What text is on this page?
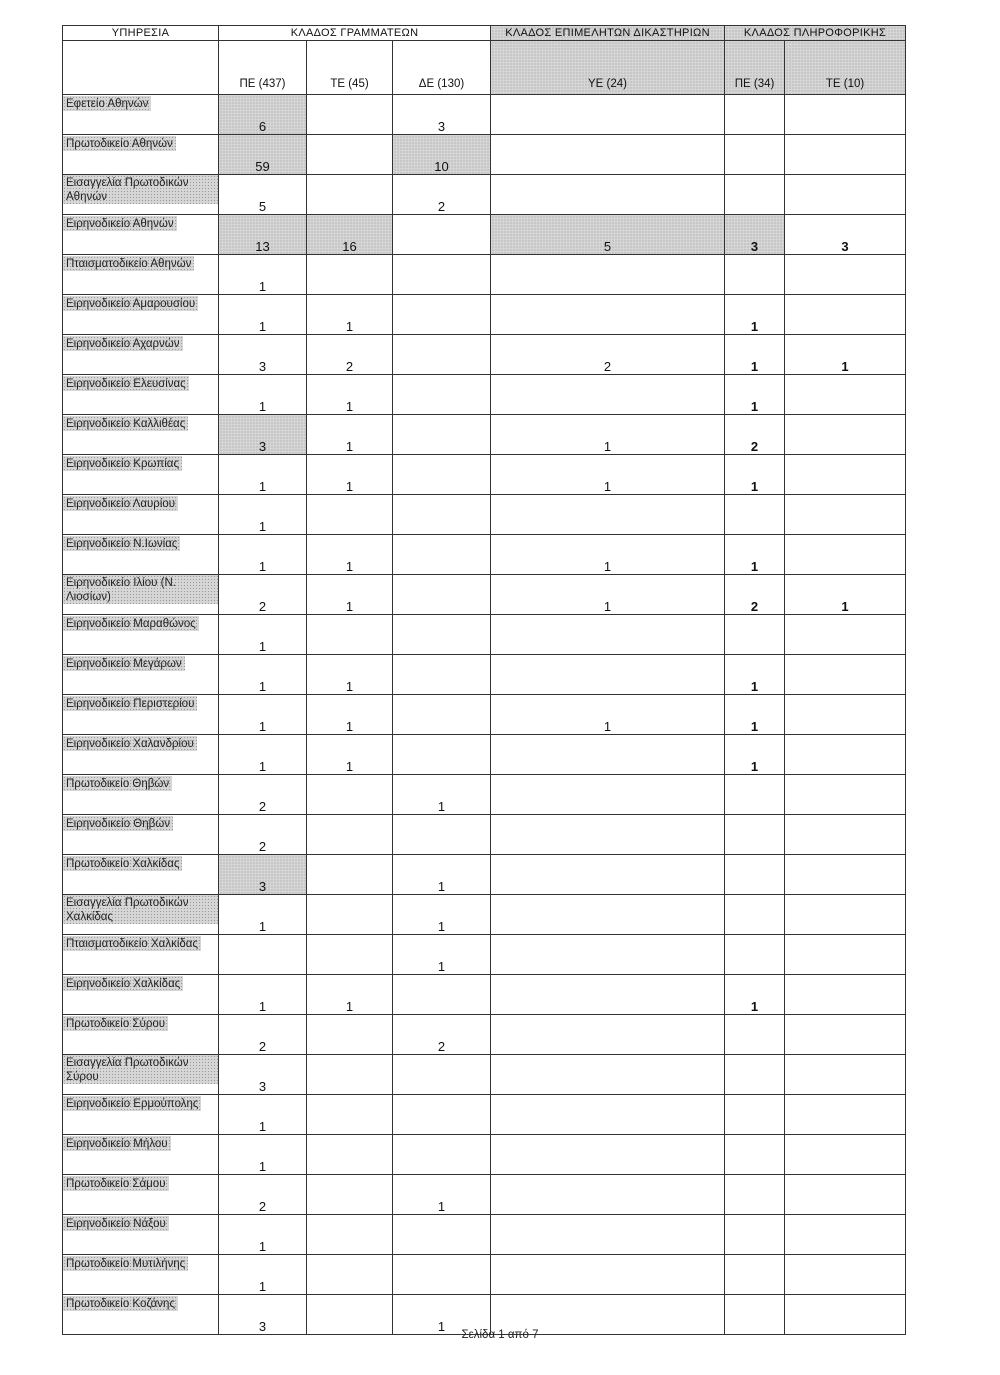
ΥΠΗΡΕΣΙΑ	ΚΛΑΔΟΣ ΓΡΑΜΜΑΤΕΩΝ			ΚΛΑΔΟΣ ΕΠΙΜΕΛΗΤΩΝ ΔΙΚΑΣΤΗΡΙΩΝ	ΚΛΑΔΟΣ ΠΛΗΡΟΦΟΡΙΚΗΣ	
	ΠΕ (437)	ΤΕ (45)	ΔΕ (130)	ΥΕ (24)	ΠΕ (34)	ΤΕ (10)
Εφετείο Αθηνών	6		3			
Πρωτοδικείο Αθηνών	59		10			
Εισαγγελία Πρωτοδικών Αθηνών	5		2			
Ειρηνοδικείο Αθηνών	13	16		5	3	3
Πταισματοδικείο Αθηνών	1					
Ειρηνοδικείο Αμαρουσίου	1	1			1	
Ειρηνοδικείο Αχαρνών	3	2		2	1	1
Ειρηνοδικείο Ελευσίνας	1	1			1	
Ειρηνοδικείο Καλλιθέας	3	1		1	2	
Ειρηνοδικείο Κρωπίας	1	1		1	1	
Ειρηνοδικείο Λαυρίου	1					
Ειρηνοδικείο Ν.Ιωνίας	1	1		1	1	
Ειρηνοδικείο Ιλίου (Ν. Λιοσίων)	2	1		1	2	1
Ειρηνοδικείο Μαραθώνος	1					
Ειρηνοδικείο Μεγάρων	1	1			1	
Ειρηνοδικείο Περιστερίου	1	1		1	1	
Ειρηνοδικείο Χαλανδρίου	1	1			1	
Πρωτοδικείο Θηβών	2		1			
Ειρηνοδικείο Θηβών	2					
Πρωτοδικείο Χαλκίδας	3		1			
Εισαγγελία Πρωτοδικών Χαλκίδας	1		1			
Πταισματοδικείο Χαλκίδας			1			
Ειρηνοδικείο Χαλκίδας	1	1			1	
Πρωτοδικείο Σύρου	2		2			
Εισαγγελία Πρωτοδικών Σύρου	3					
Ειρηνοδικείο Ερμούπολης	1					
Ειρηνοδικείο Μήλου	1					
Πρωτοδικείο Σάμου	2		1			
Ειρηνοδικείο Νάξου	1					
Πρωτοδικείο Μυτιλήνης	1					
Πρωτοδικείο Κοζάνης	3		1			
Σελίδα 1 από 7
